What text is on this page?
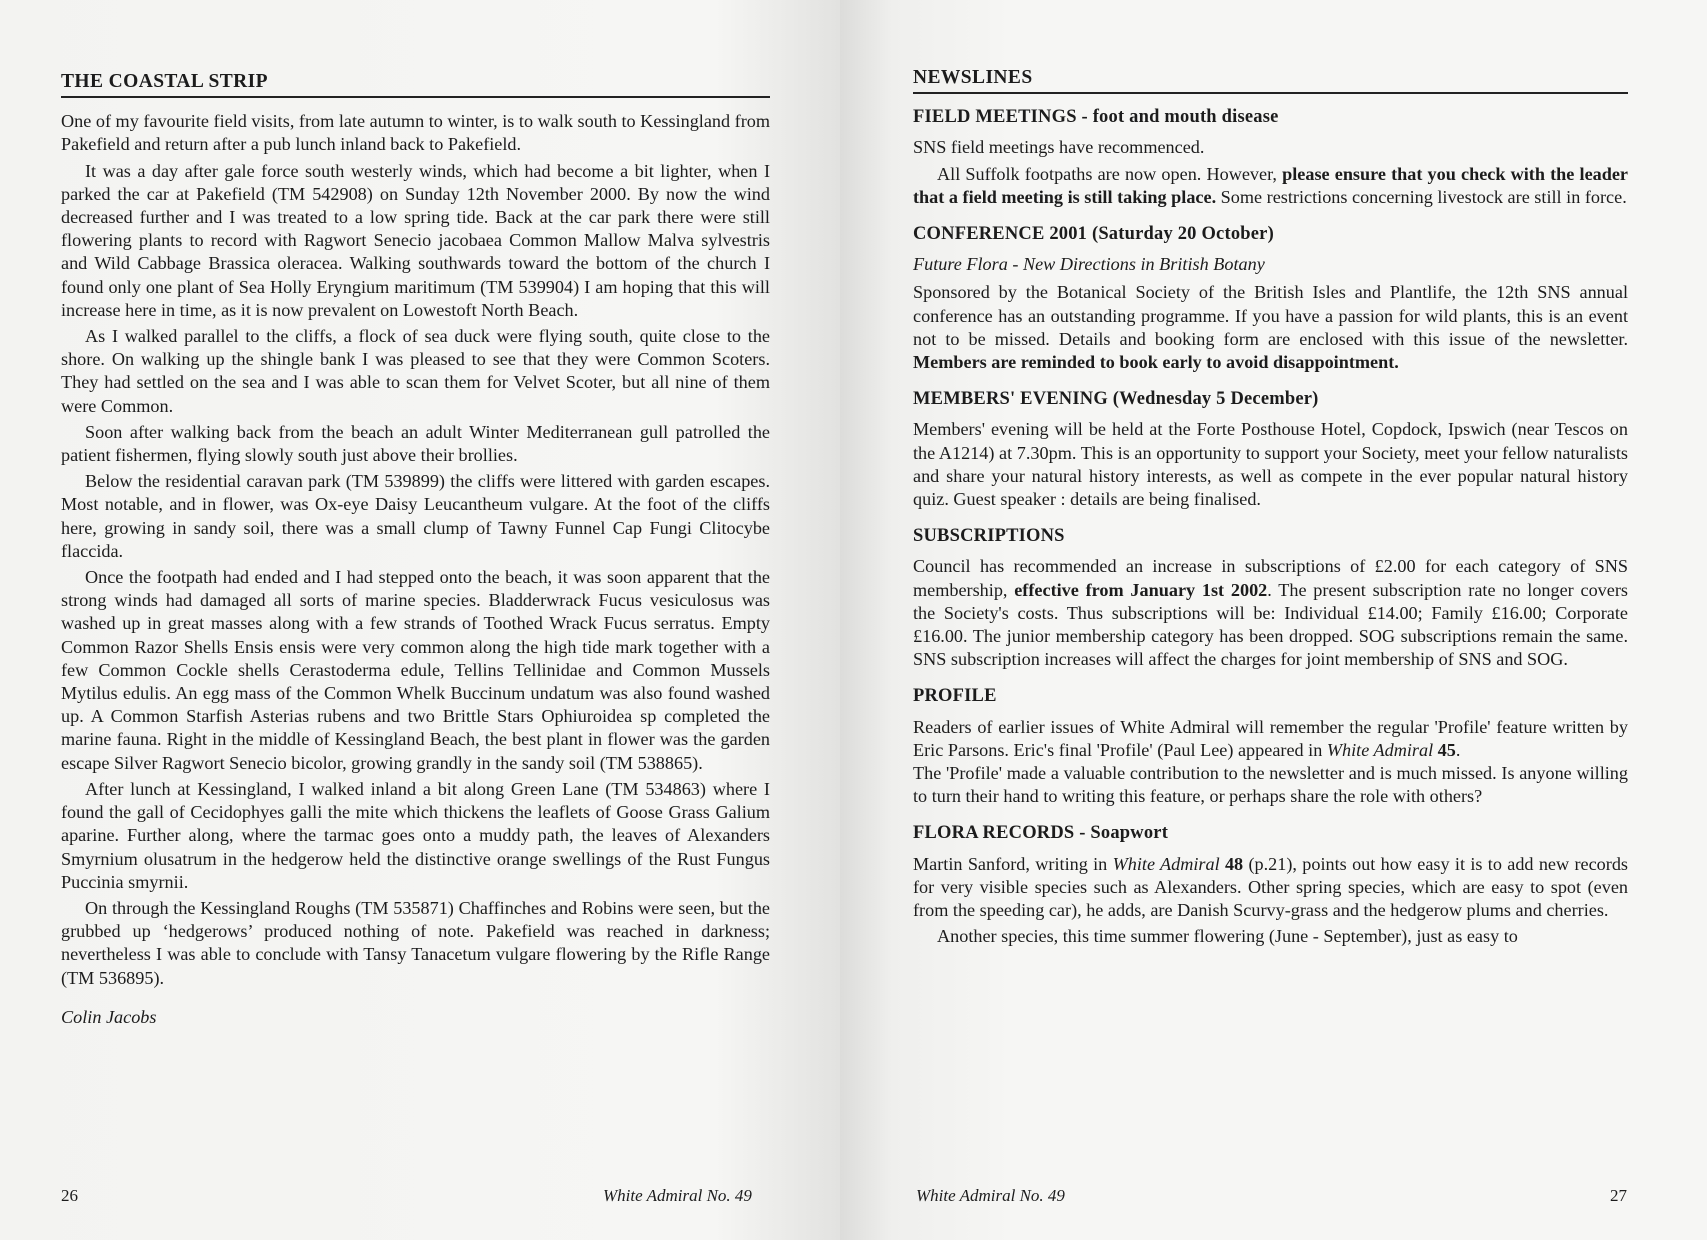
THE COASTAL STRIP

One of my favourite field visits, from late autumn to winter, is to walk south to Kessingland from Pakefield and return after a pub lunch inland back to Pakefield.

It was a day after gale force south westerly winds, which had become a bit lighter, when I parked the car at Pakefield (TM 542908) on Sunday 12th November 2000. By now the wind decreased further and I was treated to a low spring tide. Back at the car park there were still flowering plants to record with Ragwort Senecio jacobaea Common Mallow Malva sylvestris and Wild Cabbage Brassica oleracea. Walking southwards toward the bottom of the church I found only one plant of Sea Holly Eryngium maritimum (TM 539904) I am hoping that this will increase here in time, as it is now prevalent on Lowestoft North Beach.

As I walked parallel to the cliffs, a flock of sea duck were flying south, quite close to the shore. On walking up the shingle bank I was pleased to see that they were Common Scoters. They had settled on the sea and I was able to scan them for Velvet Scoter, but all nine of them were Common.

Soon after walking back from the beach an adult Winter Mediterranean gull patrolled the patient fishermen, flying slowly south just above their brollies.

Below the residential caravan park (TM 539899) the cliffs were littered with garden escapes. Most notable, and in flower, was Ox-eye Daisy Leucantheum vulgare. At the foot of the cliffs here, growing in sandy soil, there was a small clump of Tawny Funnel Cap Fungi Clitocybe flaccida.

Once the footpath had ended and I had stepped onto the beach, it was soon apparent that the strong winds had damaged all sorts of marine species. Bladderwrack Fucus vesiculosus was washed up in great masses along with a few strands of Toothed Wrack Fucus serratus. Empty Common Razor Shells Ensis ensis were very common along the high tide mark together with a few Common Cockle shells Cerastoderma edule, Tellins Tellinidae and Common Mussels Mytilus edulis. An egg mass of the Common Whelk Buccinum undatum was also found washed up. A Common Starfish Asterias rubens and two Brittle Stars Ophiuroidea sp completed the marine fauna. Right in the middle of Kessingland Beach, the best plant in flower was the garden escape Silver Ragwort Senecio bicolor, growing grandly in the sandy soil (TM 538865).

After lunch at Kessingland, I walked inland a bit along Green Lane (TM 534863) where I found the gall of Cecidophyes galli the mite which thickens the leaflets of Goose Grass Galium aparine. Further along, where the tarmac goes onto a muddy path, the leaves of Alexanders Smyrnium olusatrum in the hedgerow held the distinctive orange swellings of the Rust Fungus Puccinia smyrnii.

On through the Kessingland Roughs (TM 535871) Chaffinches and Robins were seen, but the grubbed up ‘hedgerows’ produced nothing of note. Pakefield was reached in darkness; nevertheless I was able to conclude with Tansy Tanacetum vulgare flowering by the Rifle Range (TM 536895).

Colin Jacobs
26	White Admiral No. 49
NEWSLINES
FIELD MEETINGS - foot and mouth disease

SNS field meetings have recommenced.

All Suffolk footpaths are now open. However, please ensure that you check with the leader that a field meeting is still taking place. Some restrictions concerning livestock are still in force.

CONFERENCE 2001 (Saturday 20 October)
Future Flora - New Directions in British Botany

Sponsored by the Botanical Society of the British Isles and Plantlife, the 12th SNS annual conference has an outstanding programme. If you have a passion for wild plants, this is an event not to be missed. Details and booking form are enclosed with this issue of the newsletter. Members are reminded to book early to avoid disappointment.

MEMBERS' EVENING (Wednesday 5 December)

Members' evening will be held at the Forte Posthouse Hotel, Copdock, Ipswich (near Tescos on the A1214) at 7.30pm. This is an opportunity to support your Society, meet your fellow naturalists and share your natural history interests, as well as compete in the ever popular natural history quiz. Guest speaker : details are being finalised.

SUBSCRIPTIONS

Council has recommended an increase in subscriptions of £2.00 for each category of SNS membership, effective from January 1st 2002. The present subscription rate no longer covers the Society's costs. Thus subscriptions will be: Individual £14.00; Family £16.00; Corporate £16.00. The junior membership category has been dropped. SOG subscriptions remain the same. SNS subscription increases will affect the charges for joint membership of SNS and SOG.

PROFILE

Readers of earlier issues of White Admiral will remember the regular 'Profile' feature written by Eric Parsons. Eric's final 'Profile' (Paul Lee) appeared in White Admiral 45.

The 'Profile' made a valuable contribution to the newsletter and is much missed. Is anyone willing to turn their hand to writing this feature, or perhaps share the role with others?

FLORA RECORDS - Soapwort

Martin Sanford, writing in White Admiral 48 (p.21), points out how easy it is to add new records for very visible species such as Alexanders. Other spring species, which are easy to spot (even from the speeding car), he adds, are Danish Scurvy-grass and the hedgerow plums and cherries.

Another species, this time summer flowering (June - September), just as easy to

White Admiral No. 49	27
